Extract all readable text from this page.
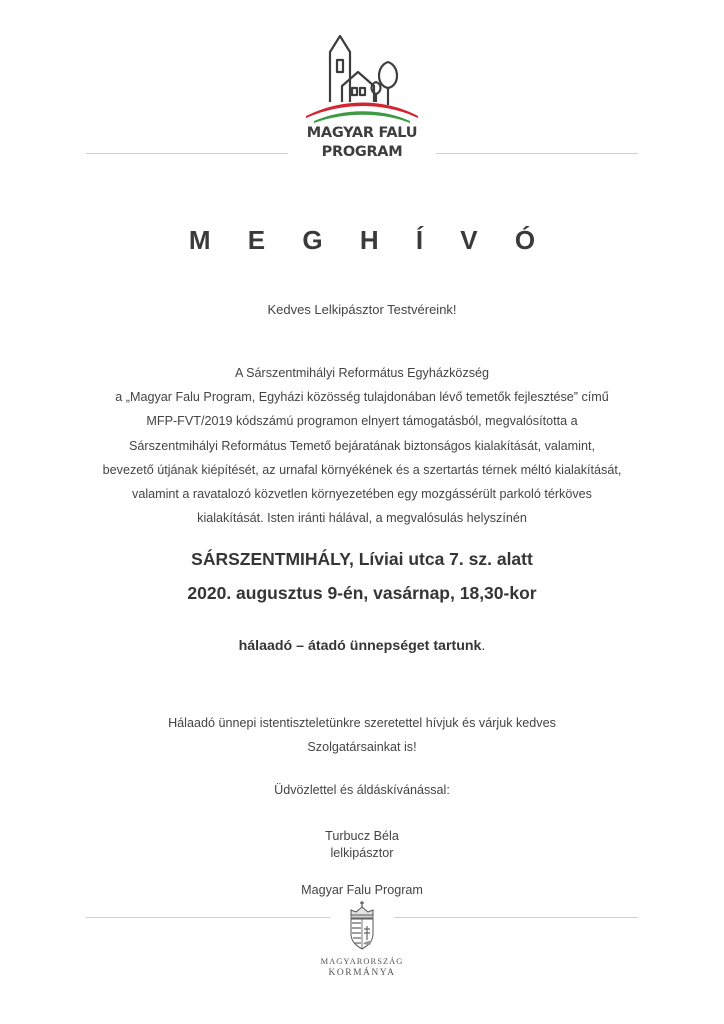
MAGYAR FALU
PROGRAM
M E G H Í V Ó
Kedves Lelkipásztor Testvéreink!
A Sárszentmihályi Református Egyházközség
a „Magyar Falu Program, Egyházi közösség tulajdonában lévő temetők fejlesztése” című
MFP-FVT/2019 kódszámú programon elnyert támogatásból, megvalósította a
Sárszentmihályi Református Temető bejáratának biztonságos kialakítását, valamint,
bevezető útjának kiépítését, az urnafal környékének és a szertartás térnek méltó kialakítását,
valamint a ravatalozó közvetlen környezetében egy mozgássérült parkoló térköves
kialakítását. Isten iránti hálával, a megvalósulás helyszínén
SÁRSZENTMIHÁLY, Líviai utca 7. sz. alatt
2020. augusztus 9-én, vasárnap, 18,30-kor
hálaadó – átadó ünnepséget tartunk.
Hálaadó ünnepi istentiszteletünkre szeretettel hívjuk és várjuk kedves
Szolgatársainkat is!
Üdvözlettel és áldáskívánással:
Turbucz Béla
lelkipásztor
Magyar Falu Program
MAGYARORSZÁG
KORMÁNYA
